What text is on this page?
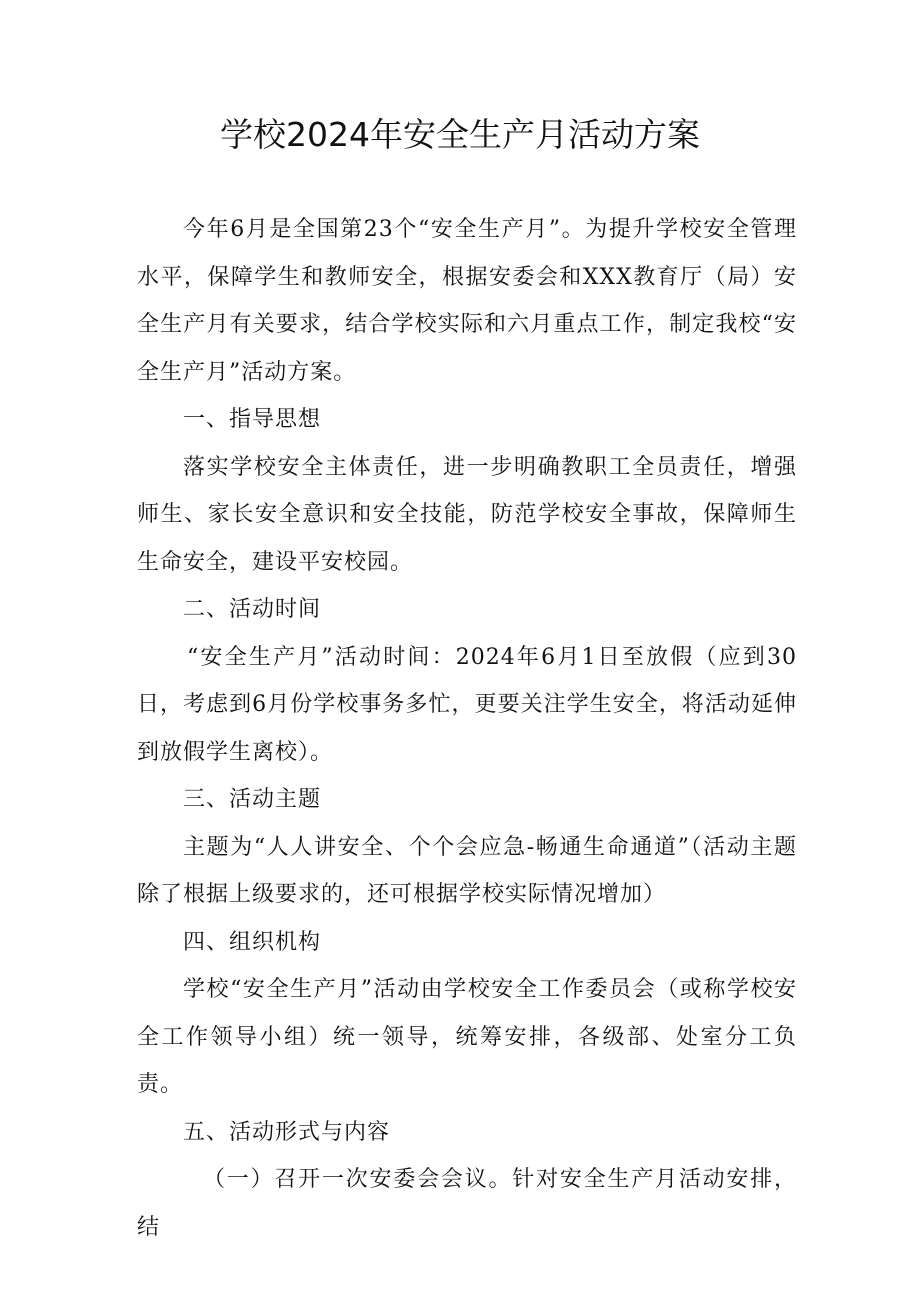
学校2024年安全生产月活动方案

今年6月是全国第23个“安全生产月”。为提升学校安全管理水平，保障学生和教师安全，根据安委会和XXX教育厅（局）安全生产月有关要求，结合学校实际和六月重点工作，制定我校“安全生产月”活动方案。

一、指导思想

落实学校安全主体责任，进一步明确教职工全员责任，增强师生、家长安全意识和安全技能，防范学校安全事故，保障师生生命安全，建设平安校园。

二、活动时间

“安全生产月”活动时间：2024年6月1日至放假（应到30日，考虑到6月份学校事务多忙，更要关注学生安全，将活动延伸到放假学生离校）。

三、活动主题

主题为“人人讲安全、个个会应急-畅通生命通道”（活动主题除了根据上级要求的，还可根据学校实际情况增加）

四、组织机构

学校“安全生产月”活动由学校安全工作委员会（或称学校安全工作领导小组）统一领导，统筹安排，各级部、处室分工负责。

五、活动形式与内容

（一）召开一次安委会会议。针对安全生产月活动安排，结
